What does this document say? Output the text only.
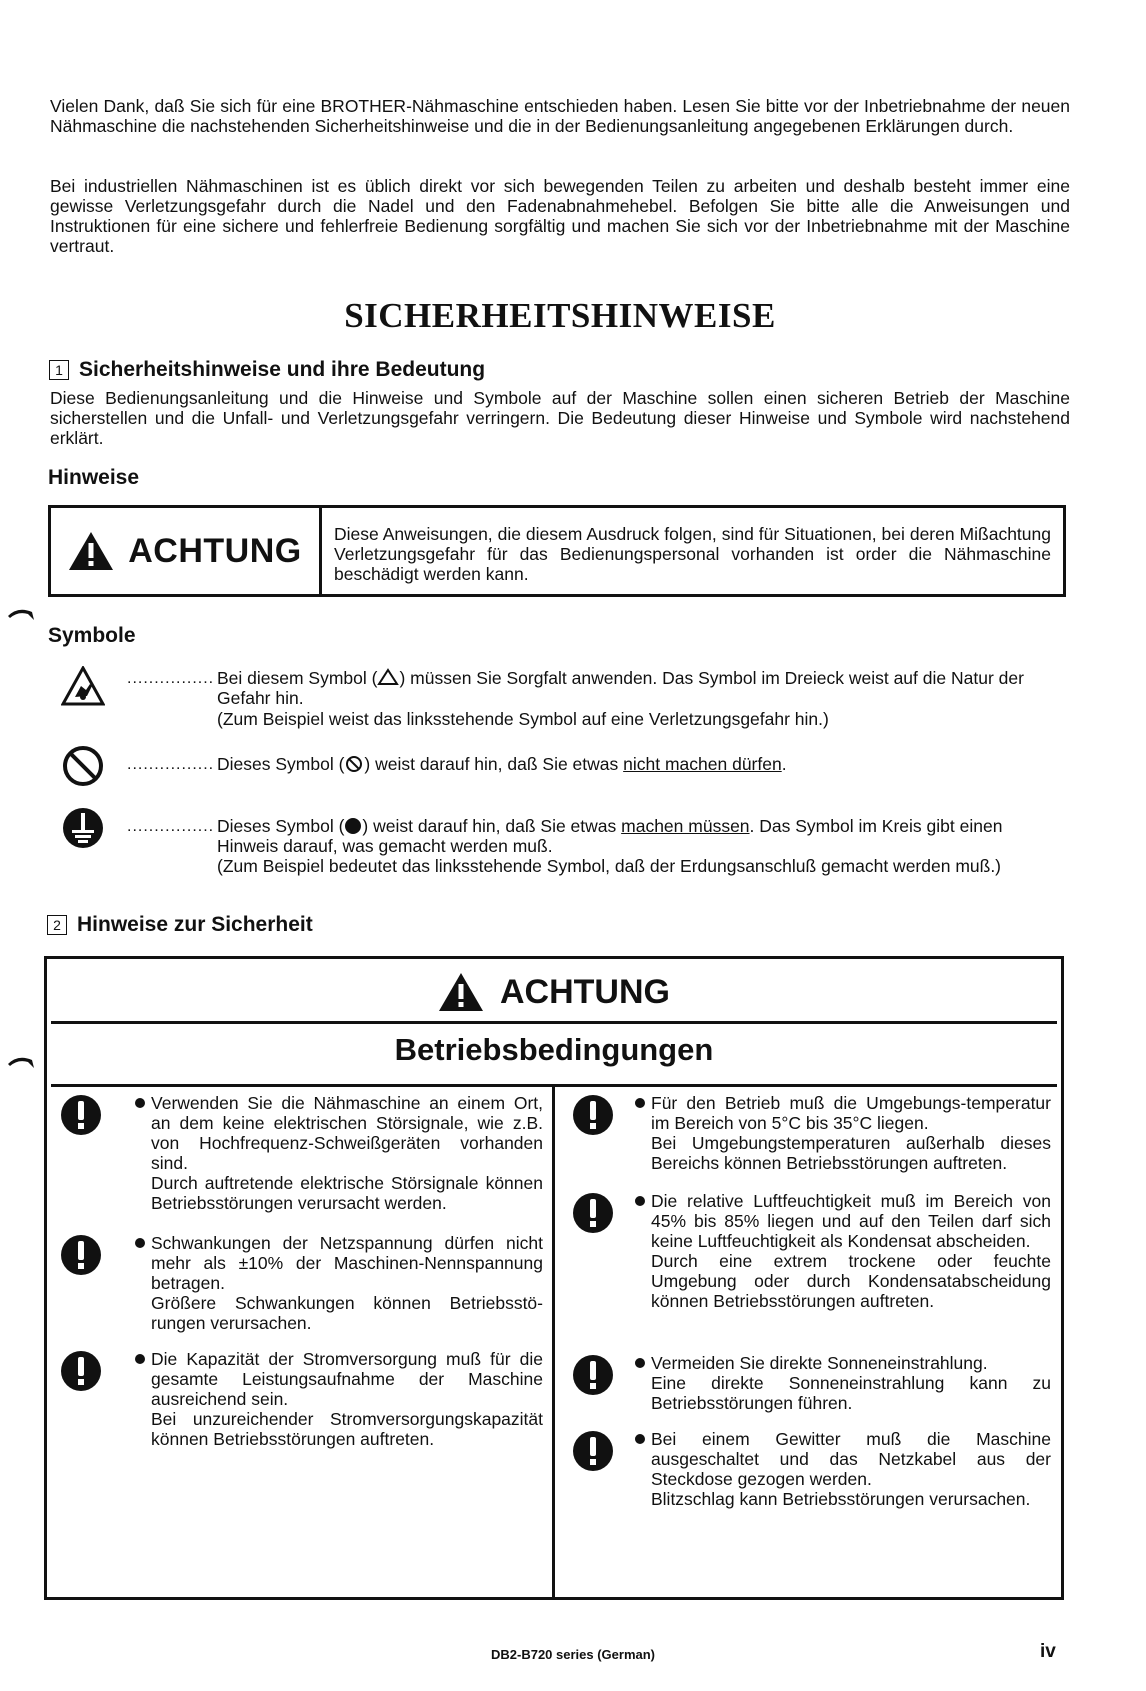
Vielen Dank, daß Sie sich für eine BROTHER-Nähmaschine entschieden haben. Lesen Sie bitte vor der Inbetriebnahme der neuen Nähmaschine die nachstehenden Sicherheitshinweise und die in der Bedienungsanleitung angegebenen Erklärungen durch.
Bei industriellen Nähmaschinen ist es üblich direkt vor sich bewegenden Teilen zu arbeiten und deshalb besteht immer eine gewisse Verletzungsgefahr durch die Nadel und den Fadenabnahmehebel. Befolgen Sie bitte alle die Anweisungen und Instruktionen für eine sichere und fehlerfreie Bedienung sorgfältig und machen Sie sich vor der Inbetriebnahme mit der Maschine vertraut.
SICHERHEITSHINWEISE
1 Sicherheitshinweise und ihre Bedeutung
Diese Bedienungsanleitung und die Hinweise und Symbole auf der Maschine sollen einen sicheren Betrieb der Maschine sicherstellen und die Unfall- und Verletzungsgefahr verringern. Die Bedeutung dieser Hinweise und Symbole wird nachstehend erklärt.
Hinweise
ACHTUNG	Diese Anweisungen, die diesem Ausdruck folgen, sind für Situationen, bei deren Mißachtung Verletzungsgefahr für das Bedienungspersonal vorhanden ist order die Nähmaschine beschädigt werden kann.
Symbole
................ Bei diesem Symbol ( ) müssen Sie Sorgfalt anwenden. Das Symbol im Dreieck weist auf die Natur der Gefahr hin.
(Zum Beispiel weist das linksstehende Symbol auf eine Verletzungsgefahr hin.)
................ Dieses Symbol ( ) weist darauf hin, daß Sie etwas nicht machen dürfen.
................ Dieses Symbol ( ) weist darauf hin, daß Sie etwas machen müssen. Das Symbol im Kreis gibt einen Hinweis darauf, was gemacht werden muß.
(Zum Beispiel bedeutet das linksstehende Symbol, daß der Erdungsanschluß gemacht werden muß.)
2 Hinweise zur Sicherheit
ACHTUNG
Betriebsbedingungen
Verwenden Sie die Nähmaschine an einem Ort, an dem keine elektrischen Störsignale, wie z.B. von Hochfrequenz-Schweißgeräten vorhanden sind.
Durch auftretende elektrische Störsignale können Betriebsstörungen verursacht werden.
Schwankungen der Netzspannung dürfen nicht mehr als ±10% der Maschinen-Nennspannung betragen.
Größere Schwankungen können Betriebsstö-rungen verursachen.
Die Kapazität der Stromversorgung muß für die gesamte Leistungsaufnahme der Maschine ausreichend sein.
Bei unzureichender Stromversorgungskapazität können Betriebsstörungen auftreten.
Für den Betrieb muß die Umgebungs-temperatur im Bereich von 5°C bis 35°C liegen.
Bei Umgebungstemperaturen außerhalb dieses Bereichs können Betriebsstörungen auftreten.
Die relative Luftfeuchtigkeit muß im Bereich von 45% bis 85% liegen und auf den Teilen darf sich keine Luftfeuchtigkeit als Kondensat abscheiden.
Durch eine extrem trockene oder feuchte Umgebung oder durch Kondensatabscheidung können Betriebsstörungen auftreten.
Vermeiden Sie direkte Sonneneinstrahlung.
Eine direkte Sonneneinstrahlung kann zu Betriebsstörungen führen.
Bei einem Gewitter muß die Maschine ausgeschaltet und das Netzkabel aus der Steckdose gezogen werden.
Blitzschlag kann Betriebsstörungen verursachen.
DB2-B720 series (German)	iv
